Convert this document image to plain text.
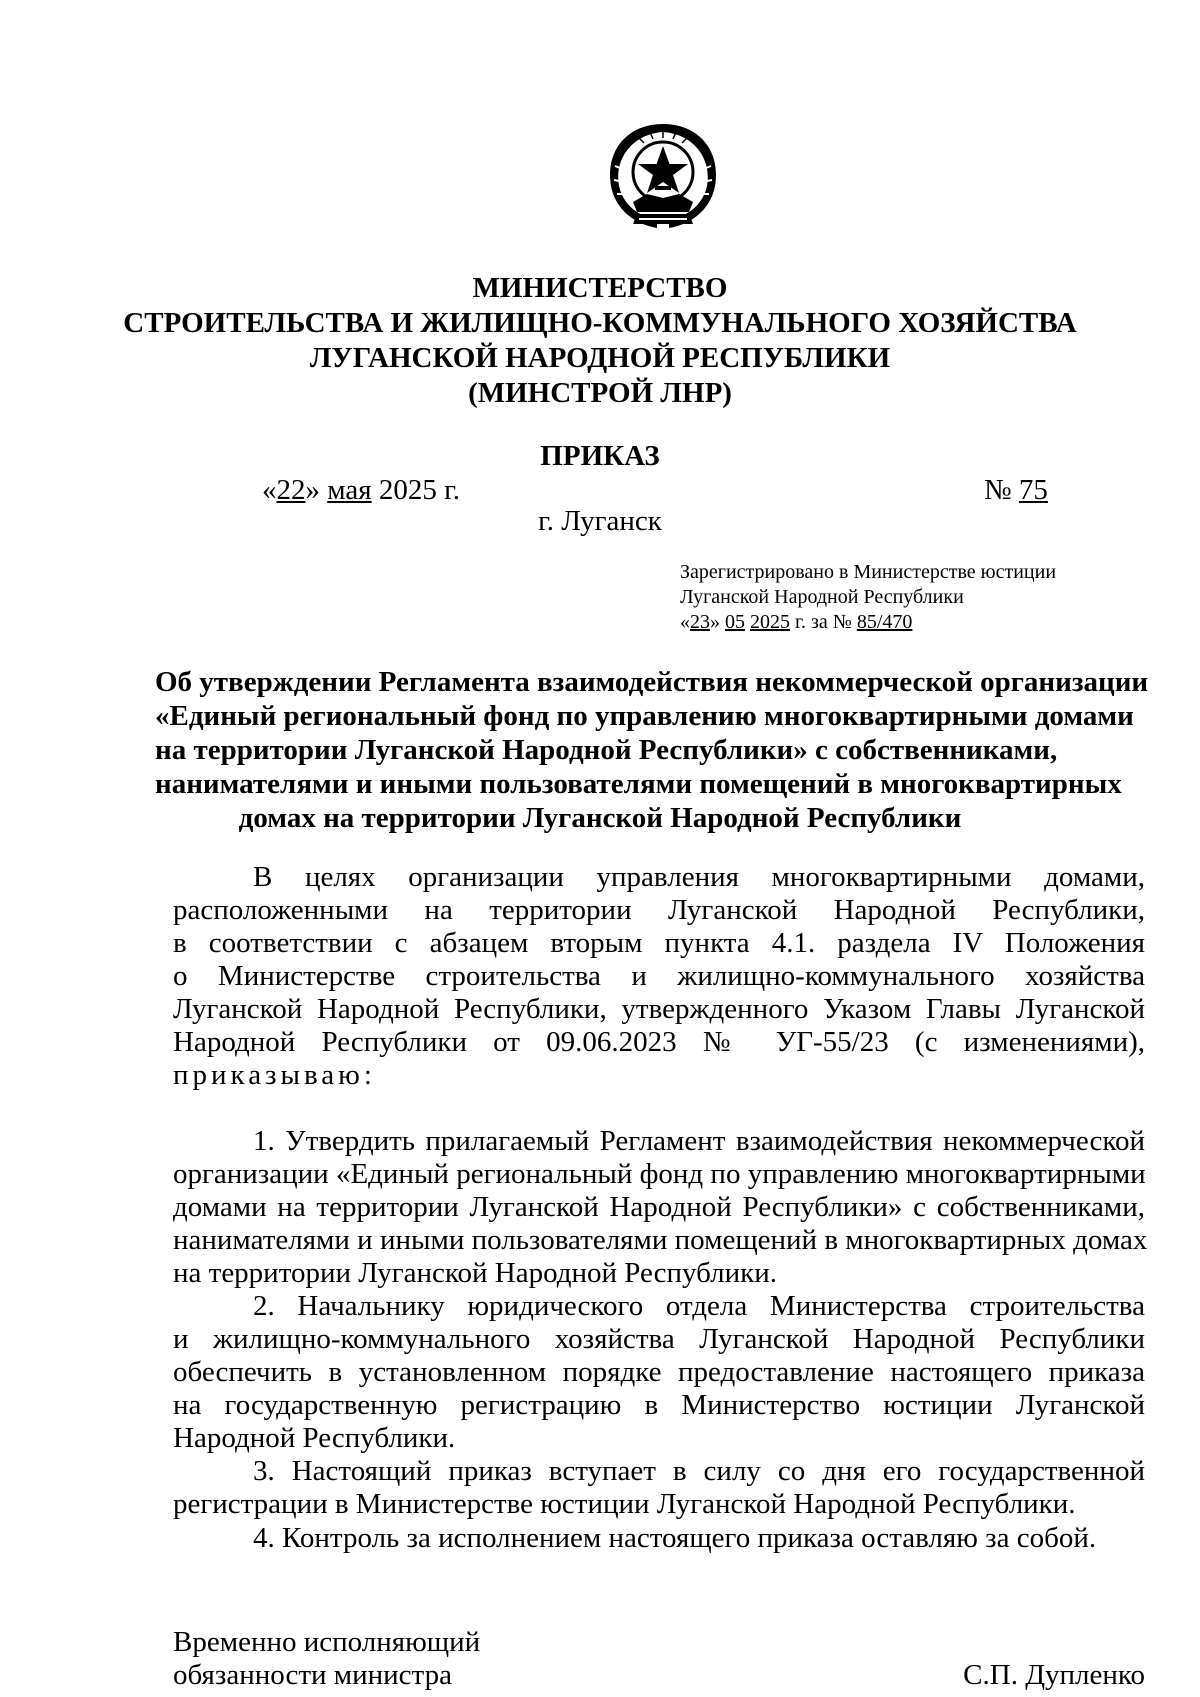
МИНИСТЕРСТВО
СТРОИТЕЛЬСТВА И ЖИЛИЩНО-КОММУНАЛЬНОГО ХОЗЯЙСТВА
ЛУГАНСКОЙ НАРОДНОЙ РЕСПУБЛИКИ
(МИНСТРОЙ ЛНР)
ПРИКАЗ
«22» мая 2025 г.	№ 75
г. Луганск
Зарегистрировано в Министерстве юстиции
Луганской Народной Республики
«23» 05 2025 г. за № 85/470
Об утверждении Регламента взаимодействия некоммерческой организации
«Единый региональный фонд по управлению многоквартирными домами
на территории Луганской Народной Республики» с собственниками,
нанимателями и иными пользователями помещений в многоквартирных
домах на территории Луганской Народной Республики
В целях организации управления многоквартирными домами,
расположенными на территории Луганской Народной Республики,
в соответствии с абзацем вторым пункта 4.1. раздела IV Положения
о Министерстве строительства и жилищно-коммунального хозяйства
Луганской Народной Республики, утвержденного Указом Главы Луганской
Народной Республики от 09.06.2023 № УГ-55/23 (с изменениями),
приказываю:
1. Утвердить прилагаемый Регламент взаимодействия некоммерческой
организации «Единый региональный фонд по управлению многоквартирными
домами на территории Луганской Народной Республики» с собственниками,
нанимателями и иными пользователями помещений в многоквартирных домах
на территории Луганской Народной Республики.
2. Начальнику юридического отдела Министерства строительства
и жилищно-коммунального хозяйства Луганской Народной Республики
обеспечить в установленном порядке предоставление настоящего приказа
на государственную регистрацию в Министерство юстиции Луганской
Народной Республики.
3. Настоящий приказ вступает в силу со дня его государственной
регистрации в Министерстве юстиции Луганской Народной Республики.
4. Контроль за исполнением настоящего приказа оставляю за собой.
Временно исполняющий
обязанности министра	С.П. Дупленко
